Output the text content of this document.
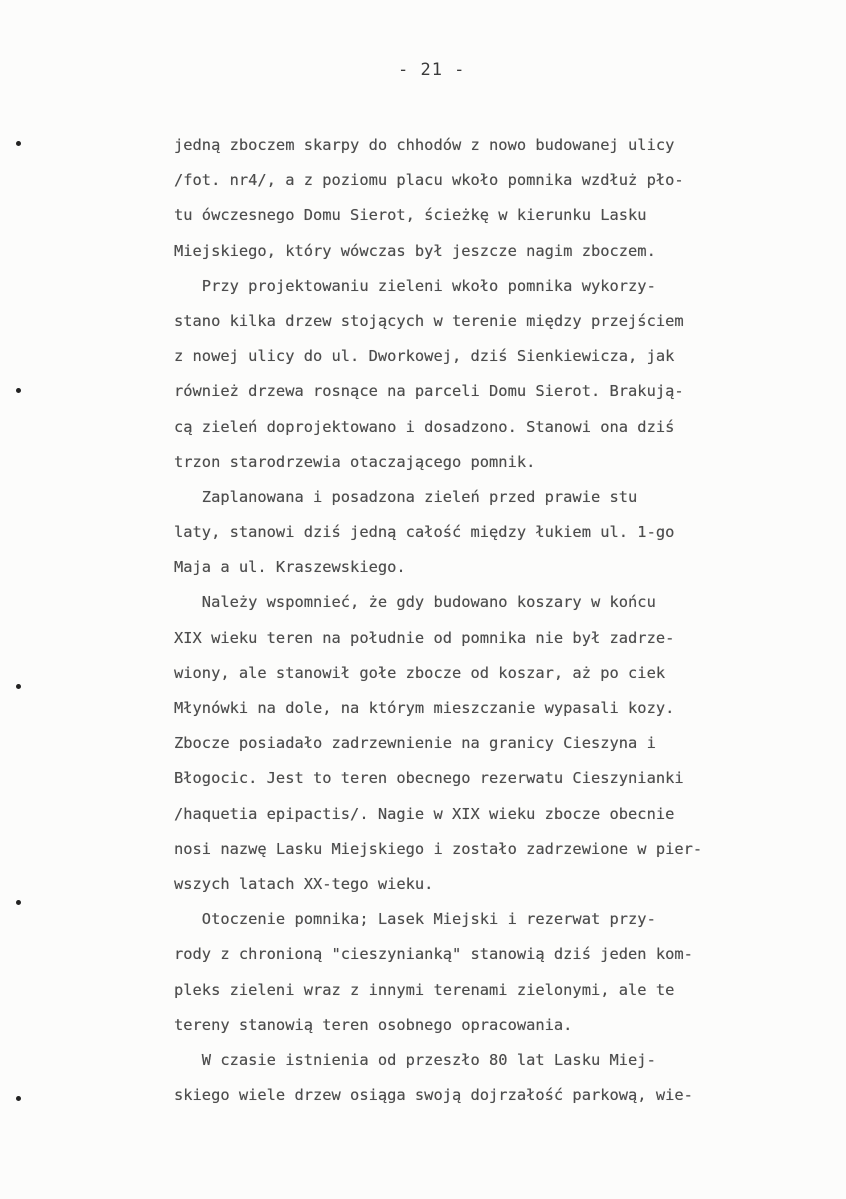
- 21 -
jedną zboczem skarpy do chhodów z nowo budowanej ulicy
/fot. nr4/, a z poziomu placu wkoło pomnika wzdłuż pło-
tu ówczesnego Domu Sierot, ścieżkę w kierunku Lasku
Miejskiego, który wówczas był jeszcze nagim zboczem.
Przy projektowaniu zieleni wkoło pomnika wykorzy-
stano kilka drzew stojących w terenie między przejściem
z nowej ulicy do ul. Dworkowej, dziś Sienkiewicza, jak
również drzewa rosnące na parceli Domu Sierot. Brakują-
cą zieleń doprojektowano i dosadzono. Stanowi ona dziś
trzon starodrzewia otaczającego pomnik.
Zaplanowana i posadzona zieleń przed prawie stu
laty, stanowi dziś jedną całość między łukiem ul. 1-go
Maja a ul. Kraszewskiego.
Należy wspomnieć, że gdy budowano koszary w końcu
XIX wieku teren na południe od pomnika nie był zadrze-
wiony, ale stanowił gołe zbocze od koszar, aż po ciek
Młynówki na dole, na którym mieszczanie wypasali kozy.
Zbocze posiadało zadrzewnienie na granicy Cieszyna i
Błogocic. Jest to teren obecnego rezerwatu Cieszynianki
/haquetia epipactis/. Nagie w XIX wieku zbocze obecnie
nosi nazwę Lasku Miejskiego i zostało zadrzewione w pier-
wszych latach XX-tego wieku.
Otoczenie pomnika; Lasek Miejski i rezerwat przy-
rody z chronioną "cieszynianką" stanowią dziś jeden kom-
pleks zieleni wraz z innymi terenami zielonymi, ale te
tereny stanowią teren osobnego opracowania.
W czasie istnienia od przeszło 80 lat Lasku Miej-
skiego wiele drzew osiąga swoją dojrzałość parkową, wie-
